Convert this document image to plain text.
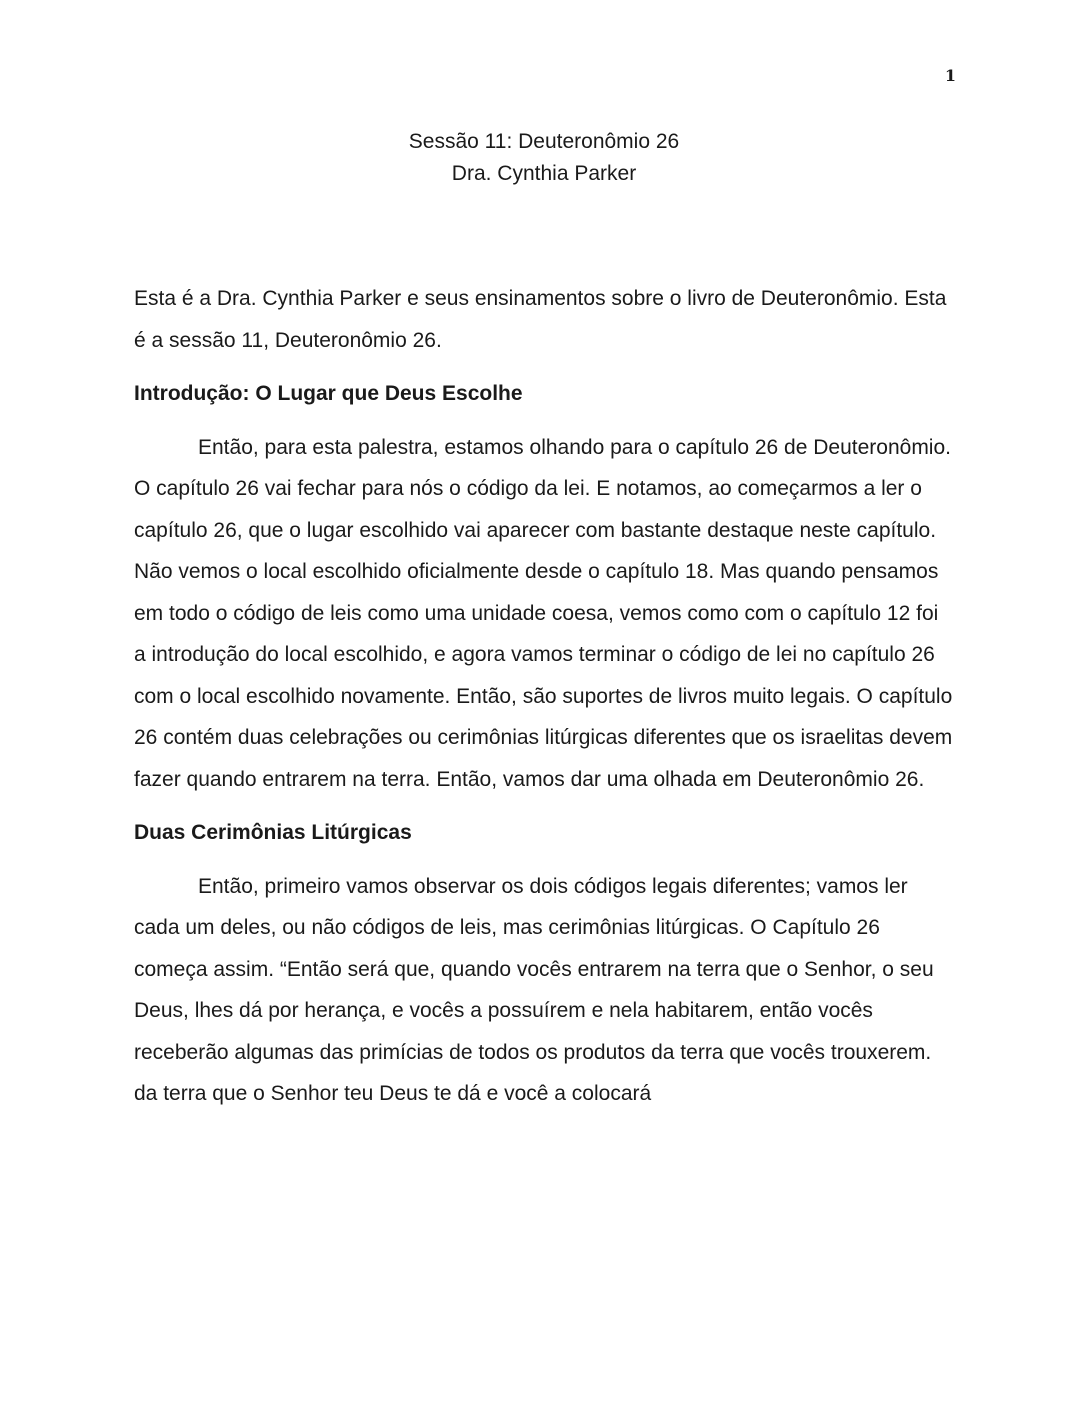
1
Sessão 11: Deuteronômio 26
Dra. Cynthia Parker

Esta é a Dra. Cynthia Parker e seus ensinamentos sobre o livro de Deuteronômio. Esta é a sessão 11, Deuteronômio 26.

Introdução: O Lugar que Deus Escolhe

Então, para esta palestra, estamos olhando para o capítulo 26 de Deuteronômio. O capítulo 26 vai fechar para nós o código da lei. E notamos, ao começarmos a ler o capítulo 26, que o lugar escolhido vai aparecer com bastante destaque neste capítulo. Não vemos o local escolhido oficialmente desde o capítulo 18. Mas quando pensamos em todo o código de leis como uma unidade coesa, vemos como com o capítulo 12 foi a introdução do local escolhido, e agora vamos terminar o código de lei no capítulo 26 com o local escolhido novamente. Então, são suportes de livros muito legais. O capítulo 26 contém duas celebrações ou cerimônias litúrgicas diferentes que os israelitas devem fazer quando entrarem na terra. Então, vamos dar uma olhada em Deuteronômio 26.

Duas Cerimônias Litúrgicas

Então, primeiro vamos observar os dois códigos legais diferentes; vamos ler cada um deles, ou não códigos de leis, mas cerimônias litúrgicas. O Capítulo 26 começa assim. “Então será que, quando vocês entrarem na terra que o Senhor, o seu Deus, lhes dá por herança, e vocês a possuírem e nela habitarem, então vocês receberão algumas das primícias de todos os produtos da terra que vocês trouxerem. da terra que o Senhor teu Deus te dá e você a colocará
